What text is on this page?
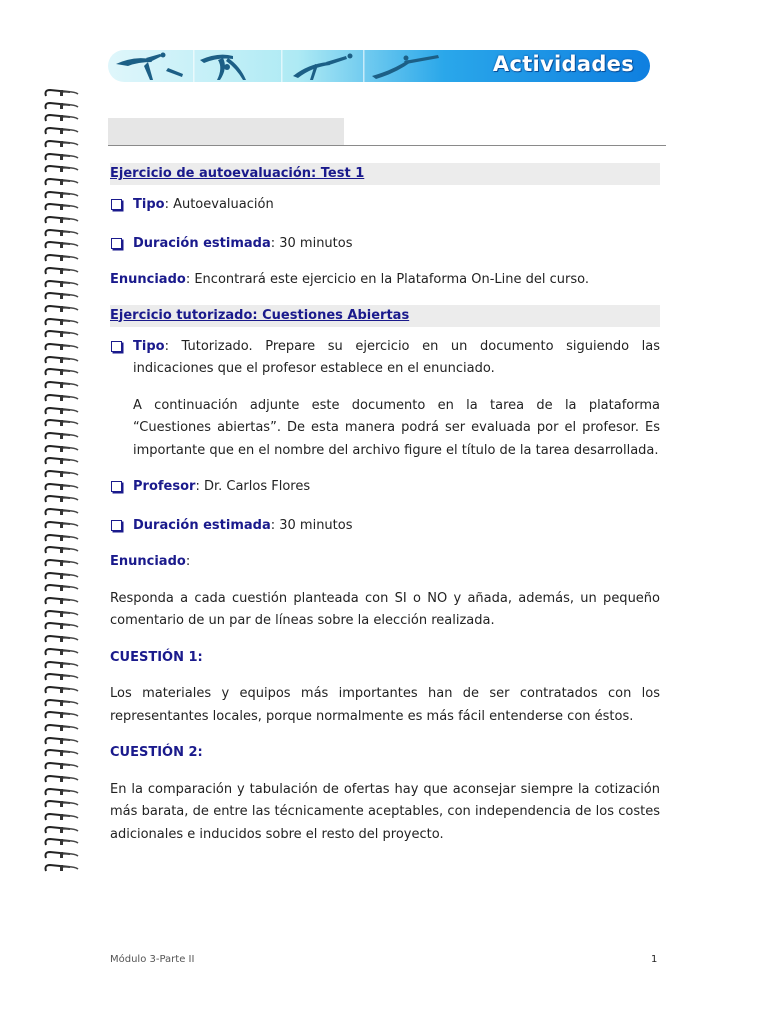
Actividades
Ejercicio de autoevaluación: Test 1
Tipo: Autoevaluación
Duración estimada: 30 minutos

Enunciado: Encontrará este ejercicio en la Plataforma On-Line del curso.

Ejercicio tutorizado: Cuestiones Abiertas
Tipo: Tutorizado. Prepare su ejercicio en un documento siguiendo las indicaciones que el profesor establece en el enunciado.

A continuación adjunte este documento en la tarea de la plataforma “Cuestiones abiertas”. De esta manera podrá ser evaluada por el profesor. Es importante que en el nombre del archivo figure el título de la tarea desarrollada.

Profesor: Dr. Carlos Flores
Duración estimada: 30 minutos

Enunciado:

Responda a cada cuestión planteada con SI o NO y añada, además, un pequeño comentario de un par de líneas sobre la elección realizada.

CUESTIÓN 1:

Los materiales y equipos más importantes han de ser contratados con los representantes locales, porque normalmente es más fácil entenderse con éstos.

CUESTIÓN 2:

En la comparación y tabulación de ofertas hay que aconsejar siempre la cotización más barata, de entre las técnicamente aceptables, con independencia de los costes adicionales e inducidos sobre el resto del proyecto.

Módulo 3-Parte II	1
